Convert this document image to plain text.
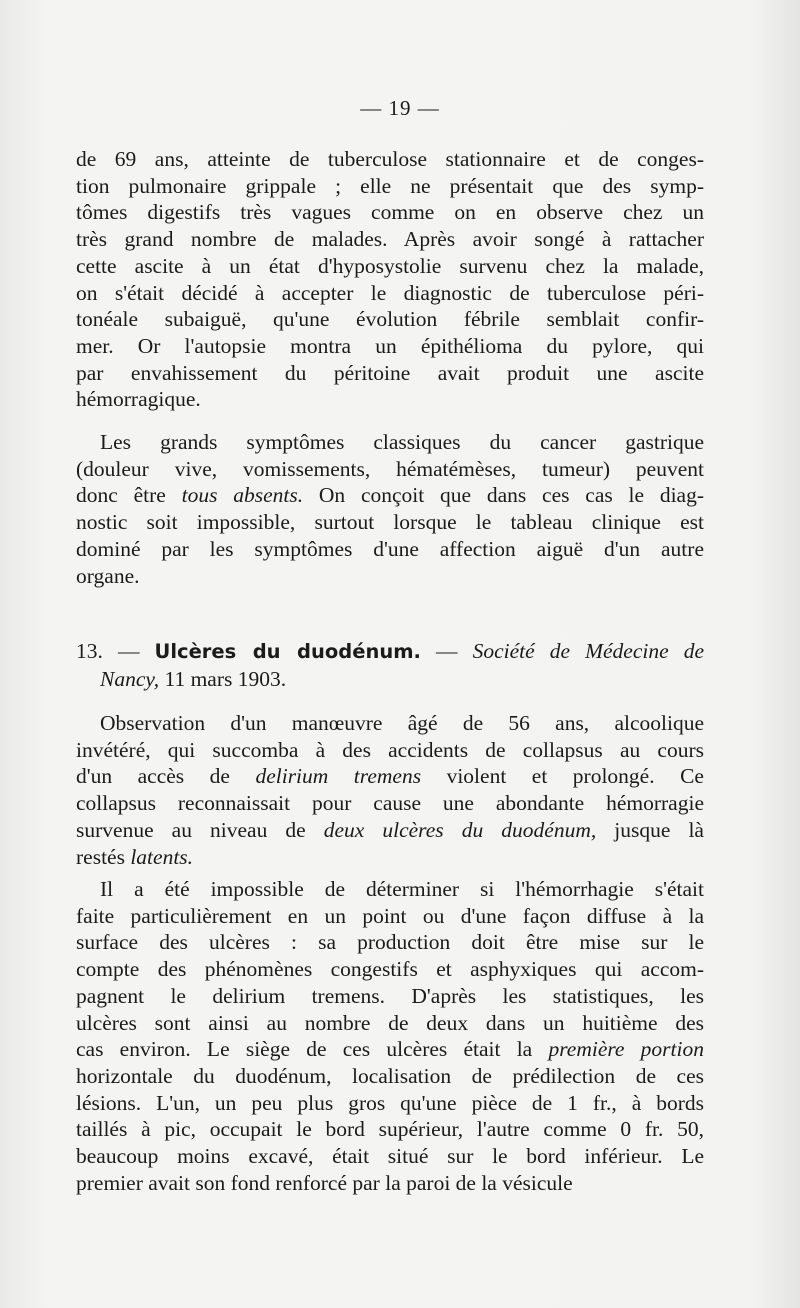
— 19 —
de 69 ans, atteinte de tuberculose stationnaire et de conges-
tion pulmonaire grippale ; elle ne présentait que des symp-
tômes digestifs très vagues comme on en observe chez un
très grand nombre de malades. Après avoir songé à rattacher
cette ascite à un état d'hyposystolie survenu chez la malade,
on s'était décidé à accepter le diagnostic de tuberculose péri-
tonéale subaiguë, qu'une évolution fébrile semblait confir-
mer. Or l'autopsie montra un épithélioma du pylore, qui
par envahissement du péritoine avait produit une ascite
hémorragique.
Les grands symptômes classiques du cancer gastrique
(douleur vive, vomissements, hématémèses, tumeur) peuvent
donc être tous absents. On conçoit que dans ces cas le diag-
nostic soit impossible, surtout lorsque le tableau clinique est
dominé par les symptômes d'une affection aiguë d'un autre
organe.
13. — Ulcères du duodénum. — Société de Médecine de
Nancy, 11 mars 1903.
Observation d'un manœuvre âgé de 56 ans, alcoolique
invétéré, qui succomba à des accidents de collapsus au cours
d'un accès de delirium tremens violent et prolongé. Ce
collapsus reconnaissait pour cause une abondante hémorragie
survenue au niveau de deux ulcères du duodénum, jusque là
restés latents.
Il a été impossible de déterminer si l'hémorrhagie s'était
faite particulièrement en un point ou d'une façon diffuse à la
surface des ulcères : sa production doit être mise sur le
compte des phénomènes congestifs et asphyxiques qui accom-
pagnent le delirium tremens. D'après les statistiques, les
ulcères sont ainsi au nombre de deux dans un huitième des
cas environ. Le siège de ces ulcères était la première portion
horizontale du duodénum, localisation de prédilection de ces
lésions. L'un, un peu plus gros qu'une pièce de 1 fr., à bords
taillés à pic, occupait le bord supérieur, l'autre comme 0 fr. 50,
beaucoup moins excavé, était situé sur le bord inférieur. Le
premier avait son fond renforcé par la paroi de la vésicule
